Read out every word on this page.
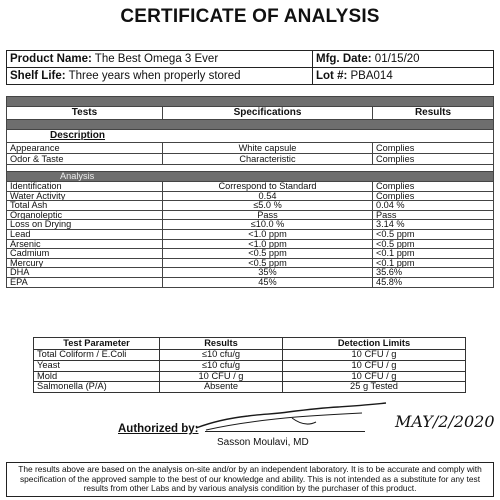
CERTIFICATE OF ANALYSIS
Product Name: The Best Omega 3 Ever	Mfg. Date: 01/15/20
Shelf Life: Three years when properly stored	Lot #: PBA014

Tests	Specifications	Results

Description		
Appearance	White capsule	Complies
Odor & Taste	Characteristic	Complies

Analysis		
Identification	Correspond to Standard	Complies
Water Activity	0.54	Complies
Total Ash	≤5.0 %	0.04 %
Organoleptic	Pass	Pass
Loss on Drying	≤10.0 %	3.14 %
Lead	<1.0 ppm	<0.5 ppm
Arsenic	<1.0 ppm	<0.5 ppm
Cadmium	<0.5 ppm	<0.1 ppm
Mercury	<0.5 ppm	<0.1 ppm
DHA	35%	35.6%
EPA	45%	45.8%
Test Parameter	Results	Detection Limits
Total Coliform / E.Coli	≤10 cfu/g	10 CFU / g
Yeast	≤10 cfu/g	10 CFU / g
Mold	10 CFU / g	10 CFU / g
Salmonella (P/A)	Absente	25 g Tested
Authorized by:
Sasson Moulavi, MD
MAY/2/2020
The results above are based on the analysis on-site and/or by an independent laboratory. It is to be accurate and comply with specification of the approved sample to the best of our knowledge and ability. This is not intended as a substitute for any test results from other Labs and by various analysis condition by the purchaser of this product.
